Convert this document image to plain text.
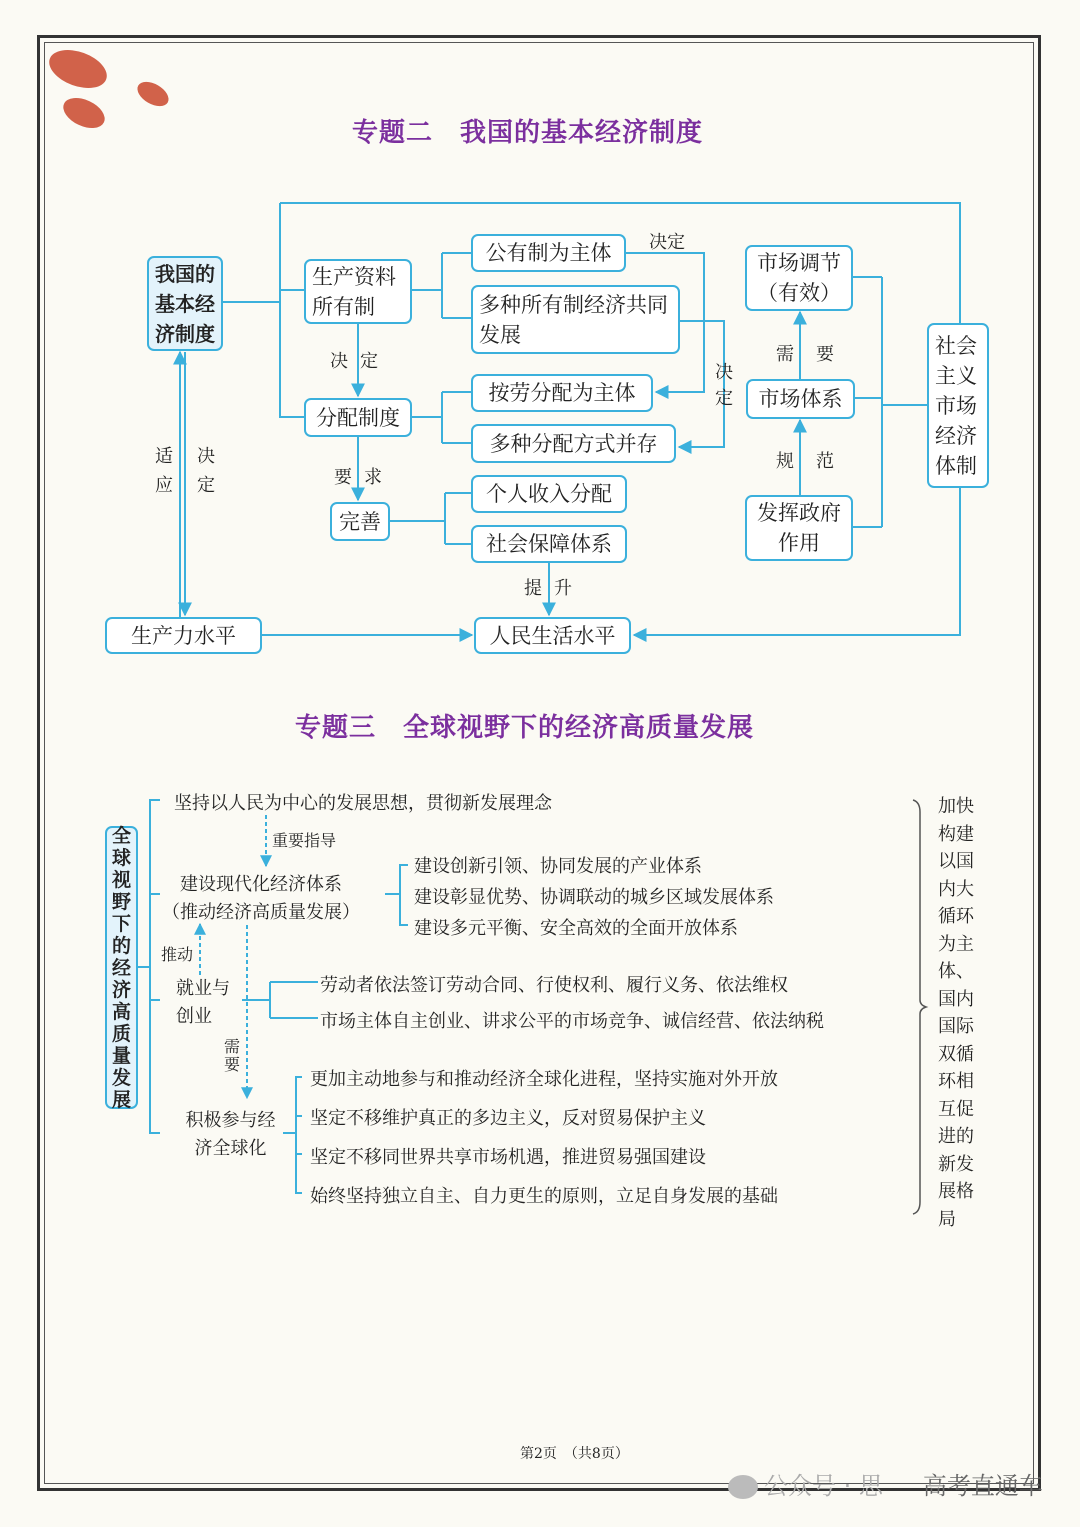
专题二　我国的基本经济制度
我国的基本经济制度
生产资料所有制
公有制为主体
多种所有制经济共同发展
市场调节（有效）
分配制度
按劳分配为主体
多种分配方式并存
市场体系
完善
个人收入分配
社会保障体系
发挥政府作用
社会主义市场经济体制
生产力水平	人民生活水平
决定
决定
决定
要求
提升
适应
决定
需要
规范
专题三　全球视野下的经济高质量发展
全球视野下的经济高质量发展
坚持以人民为中心的发展思想，贯彻新发展理念
重要指导
建设现代化经济体系
（推动经济高质量发展）
建设创新引领、协同发展的产业体系
建设彰显优势、协调联动的城乡区域发展体系
建设多元平衡、安全高效的全面开放体系
推动
就业与创业
劳动者依法签订劳动合同、行使权利、履行义务、依法维权
市场主体自主创业、讲求公平的市场竞争、诚信经营、依法纳税
需要
积极参与经济全球化
更加主动地参与和推动经济全球化进程，坚持实施对外开放
坚定不移维护真正的多边主义，反对贸易保护主义
坚定不移同世界共享市场机遇，推进贸易强国建设
始终坚持独立自主、自力更生的原则，立足自身发展的基础
加快构建以国内大循环为主体、国内国际双循环相互促进的新发展格局
第2页　（共8页）
公众号 · 思 高考直通车
